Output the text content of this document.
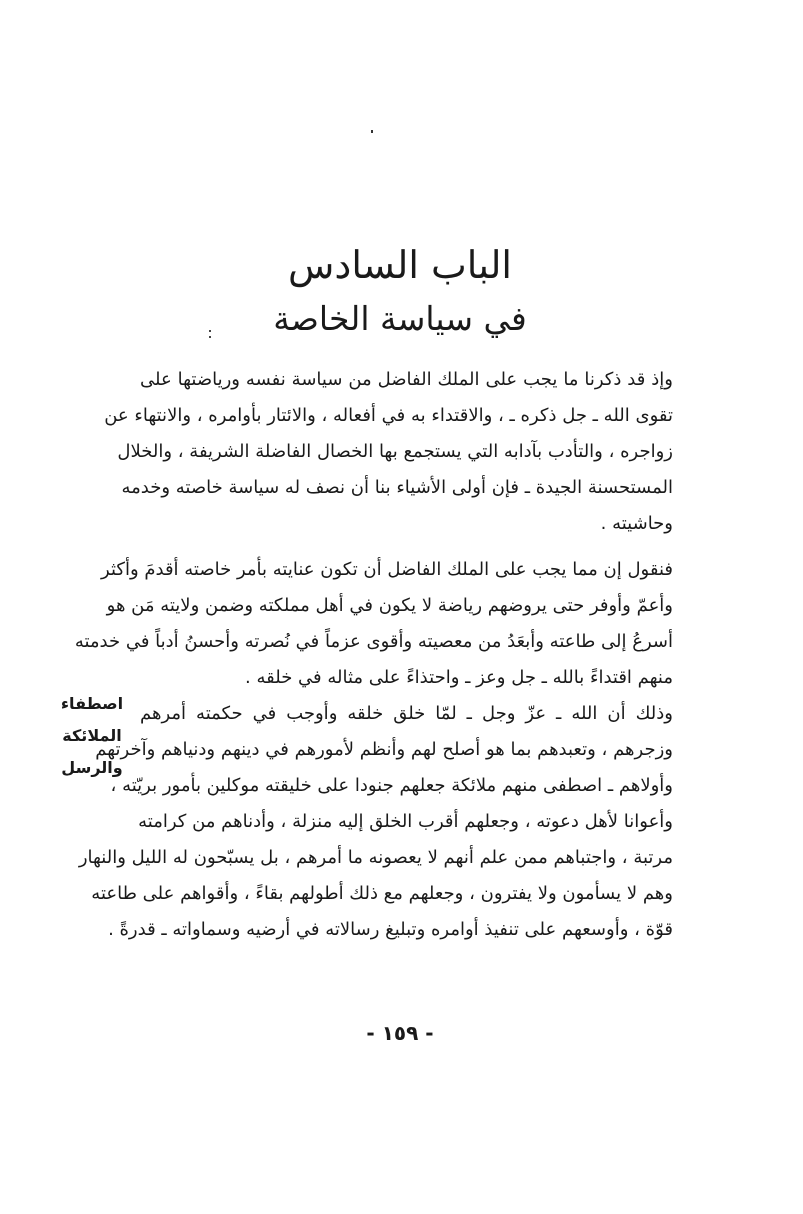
الباب السادس
في سياسة الخاصة
وإذ قد ذكرنا ما يجب على الملك الفاضل من سياسة نفسه ورياضتها على
تقوى الله ـ جل ذكره ـ ، والاقتداء به في أفعاله ، والائتار بأوامره ، والانتهاء عن
زواجره ، والتأدب بآدابه التي يستجمع بها الخصال الفاضلة الشريفة ، والخلال
المستحسنة الجيدة ـ فإن أولى الأشياء بنا أن نصف له سياسة خاصته وخدمه
وحاشيته .
فنقول إن مما يجب على الملك الفاضل أن تكون عنايته بأمر خاصته أقدمَ وأكثر
وأعمّ وأوفر حتى يروضهم رياضة لا يكون في أهل مملكته وضمن ولايته مَن هو
أسرعُ إلى طاعته وأبعَدُ من معصيته وأقوى عزماً في نُصرته وأحسنُ أدباً في خدمته
منهم اقتداءً بالله ـ جل وعز ـ واحتذاءً على مثاله في خلقه .
وذلك أن الله ـ عزّ وجل ـ لمّا خلق خلقه وأوجب في حكمته أمرهم
وزجرهم ، وتعبدهم بما هو أصلح لهم وأنظم لأمورهم في دينهم ودنياهم وآخرتهم
وأولاهم ـ اصطفى منهم ملائكة جعلهم جنودا على خليقته موكلين بأمور بريّته ،
وأعوانا لأهل دعوته ، وجعلهم أقرب الخلق إليه منزلة ، وأدناهم من كرامته
مرتبة ، واجتباهم ممن علم أنهم لا يعصونه ما أمرهم ، بل يسبّحون له الليل والنهار
وهم لا يسأمون ولا يفترون ، وجعلهم مع ذلك أطولهم بقاءً ، وأقواهم على طاعته
قوّة ، وأوسعهم على تنفيذ أوامره وتبليغ رسالاته في أرضيه وسماواته ـ قدرةً .
اصطفاء
الملائكة
والرسل
- ١٥٩ -
